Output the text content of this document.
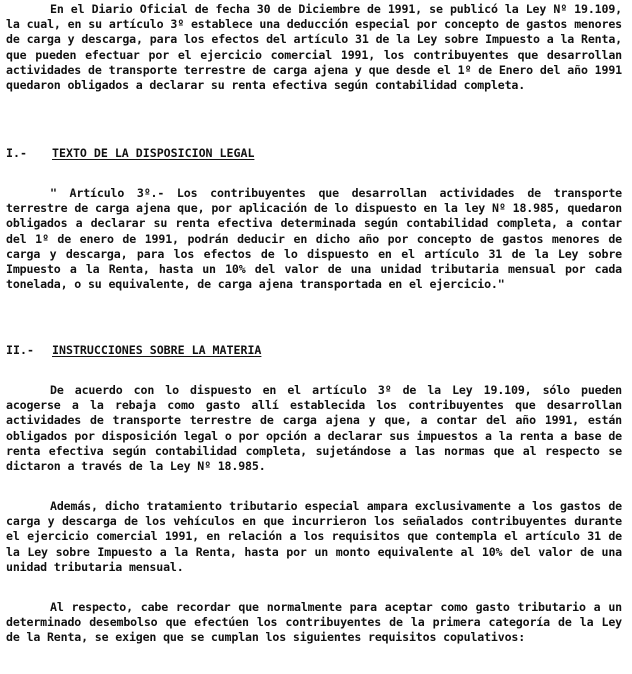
En el Diario Oficial de fecha 30 de Diciembre de 1991, se publicó la Ley Nº 19.109, la cual, en su artículo 3º establece una deducción especial por concepto de gastos menores de carga y descarga, para los efectos del artículo 31 de la Ley sobre Impuesto a la Renta, que pueden efectuar por el ejercicio comercial 1991, los contribuyentes que desarrollan actividades de transporte terrestre de carga ajena y que desde el 1º de Enero del año 1991 quedaron obligados a declarar su renta efectiva según contabilidad completa.

I.- TEXTO DE LA DISPOSICION LEGAL

" Artículo 3º.- Los contribuyentes que desarrollan actividades de transporte terrestre de carga ajena que, por aplicación de lo dispuesto en la ley Nº 18.985, quedaron obligados a declarar su renta efectiva determinada según contabilidad completa, a contar del 1º de enero de 1991, podrán deducir en dicho año por concepto de gastos menores de carga y descarga, para los efectos de lo dispuesto en el artículo 31 de la Ley sobre Impuesto a la Renta, hasta un 10% del valor de una unidad tributaria mensual por cada tonelada, o su equivalente, de carga ajena transportada en el ejercicio."

II.- INSTRUCCIONES SOBRE LA MATERIA

De acuerdo con lo dispuesto en el artículo 3º de la Ley 19.109, sólo pueden acogerse a la rebaja como gasto allí establecida los contribuyentes que desarrollan actividades de transporte terrestre de carga ajena y que, a contar del año 1991, están obligados por disposición legal o por opción a declarar sus impuestos a la renta a base de renta efectiva según contabilidad completa, sujetándose a las normas que al respecto se dictaron a través de la Ley Nº 18.985.

Además, dicho tratamiento tributario especial ampara exclusivamente a los gastos de carga y descarga de los vehículos en que incurrieron los señalados contribuyentes durante el ejercicio comercial 1991, en relación a los requisitos que contempla el artículo 31 de la Ley sobre Impuesto a la Renta, hasta por un monto equivalente al 10% del valor de una unidad tributaria mensual.

Al respecto, cabe recordar que normalmente para aceptar como gasto tributario a un determinado desembolso que efectúen los contribuyentes de la primera categoría de la Ley de la Renta, se exigen que se cumplan los siguientes requisitos copulativos:
